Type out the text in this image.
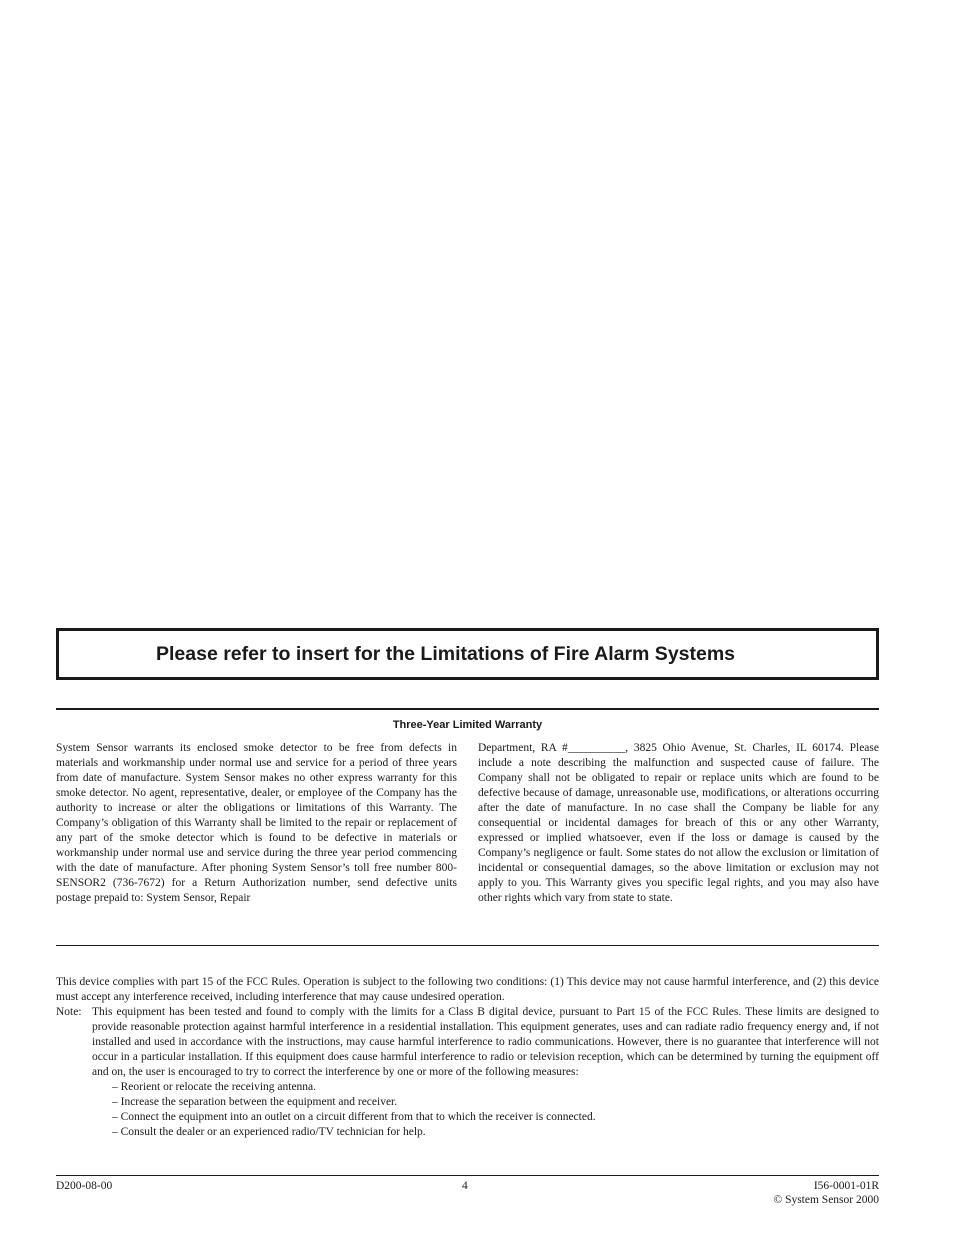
Please refer to insert for the Limitations of Fire Alarm Systems
Three-Year Limited Warranty
System Sensor warrants its enclosed smoke detector to be free from defects in materials and workmanship under normal use and service for a period of three years from date of manufacture. System Sensor makes no other express warranty for this smoke detector. No agent, representative, dealer, or employee of the Company has the authority to increase or alter the obligations or limitations of this Warranty. The Company’s obligation of this Warranty shall be limited to the repair or replacement of any part of the smoke detector which is found to be defective in materials or workmanship under normal use and service during the three year period commencing with the date of manufacture. After phoning System Sensor’s toll free number 800-SENSOR2 (736-7672) for a Return Authorization number, send defective units postage prepaid to: System Sensor, Repair
Department, RA #__________, 3825 Ohio Avenue, St. Charles, IL 60174. Please include a note describing the malfunction and suspected cause of failure. The Company shall not be obligated to repair or replace units which are found to be defective because of damage, unreasonable use, modifications, or alterations occurring after the date of manufacture. In no case shall the Company be liable for any consequential or incidental damages for breach of this or any other Warranty, expressed or implied whatsoever, even if the loss or damage is caused by the Company’s negligence or fault. Some states do not allow the exclusion or limitation of incidental or consequential damages, so the above limitation or exclusion may not apply to you. This Warranty gives you specific legal rights, and you may also have other rights which vary from state to state.
This device complies with part 15 of the FCC Rules. Operation is subject to the following two conditions: (1) This device may not cause harmful interference, and (2) this device must accept any interference received, including interference that may cause undesired operation.
Note: This equipment has been tested and found to comply with the limits for a Class B digital device, pursuant to Part 15 of the FCC Rules. These limits are designed to provide reasonable protection against harmful interference in a residential installation. This equipment generates, uses and can radiate radio frequency energy and, if not installed and used in accordance with the instructions, may cause harmful interference to radio communications. However, there is no guarantee that interference will not occur in a particular installation. If this equipment does cause harmful interference to radio or television reception, which can be determined by turning the equipment off and on, the user is encouraged to try to correct the interference by one or more of the following measures:
– Reorient or relocate the receiving antenna.
– Increase the separation between the equipment and receiver.
– Connect the equipment into an outlet on a circuit different from that to which the receiver is connected.
– Consult the dealer or an experienced radio/TV technician for help.
D200-08-00	4	I56-0001-01R
© System Sensor 2000
